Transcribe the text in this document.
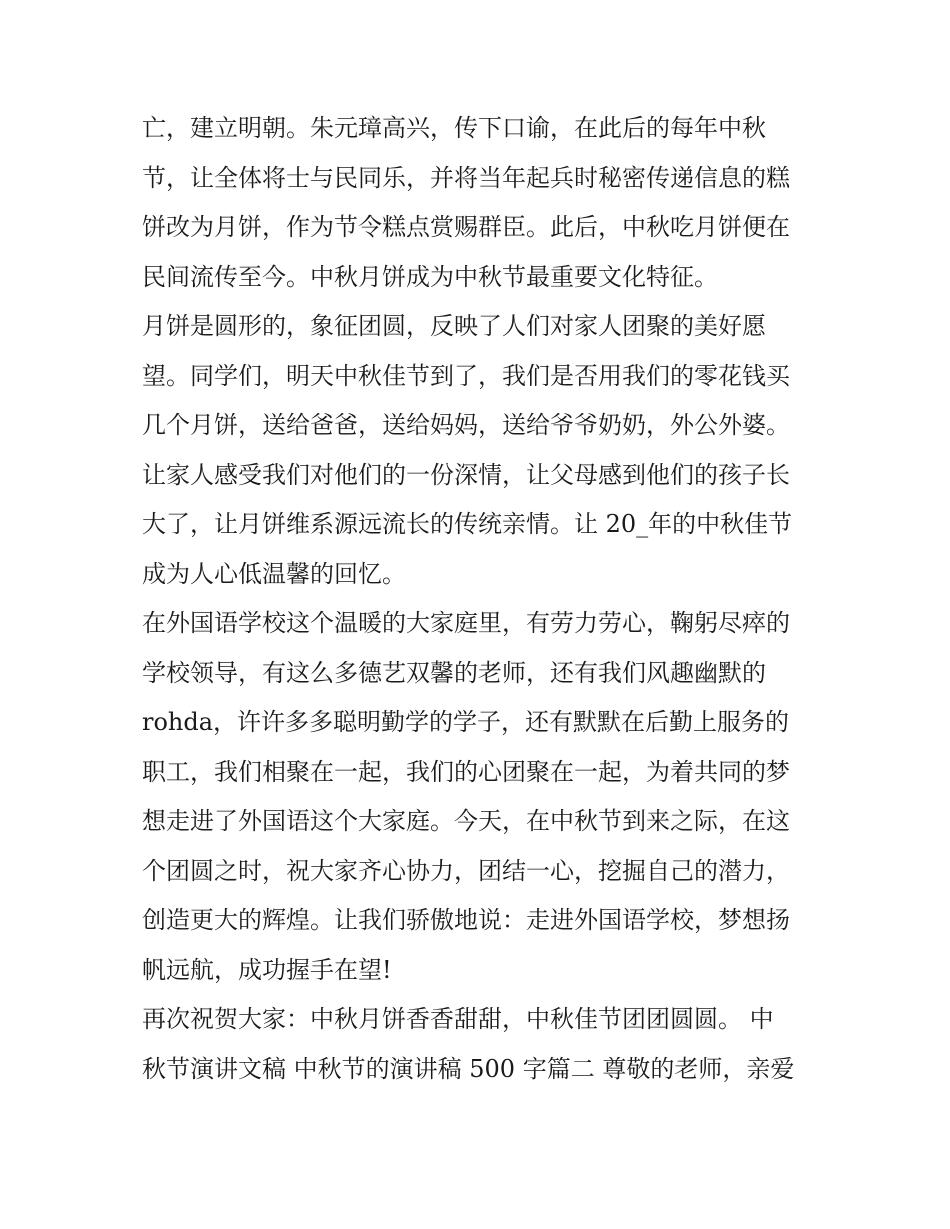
亡，建立明朝。朱元璋高兴，传下口谕，在此后的每年中秋
节，让全体将士与民同乐，并将当年起兵时秘密传递信息的糕
饼改为月饼，作为节令糕点赏赐群臣。此后，中秋吃月饼便在
民间流传至今。中秋月饼成为中秋节最重要文化特征。
月饼是圆形的，象征团圆，反映了人们对家人团聚的美好愿
望。同学们，明天中秋佳节到了，我们是否用我们的零花钱买
几个月饼，送给爸爸，送给妈妈，送给爷爷奶奶，外公外婆。
让家人感受我们对他们的一份深情，让父母感到他们的孩子长
大了，让月饼维系源远流长的传统亲情。让 20_年的中秋佳节
成为人心低温馨的回忆。
在外国语学校这个温暖的大家庭里，有劳力劳心，鞠躬尽瘁的
学校领导，有这么多德艺双馨的老师，还有我们风趣幽默的
rohda，许许多多聪明勤学的学子，还有默默在后勤上服务的
职工，我们相聚在一起，我们的心团聚在一起，为着共同的梦
想走进了外国语这个大家庭。今天，在中秋节到来之际，在这
个团圆之时，祝大家齐心协力，团结一心，挖掘自己的潜力，
创造更大的辉煌。让我们骄傲地说：走进外国语学校，梦想扬
帆远航，成功握手在望!
再次祝贺大家：中秋月饼香香甜甜，中秋佳节团团圆圆。 中
秋节演讲文稿 中秋节的演讲稿 500 字篇二 尊敬的老师，亲爱
